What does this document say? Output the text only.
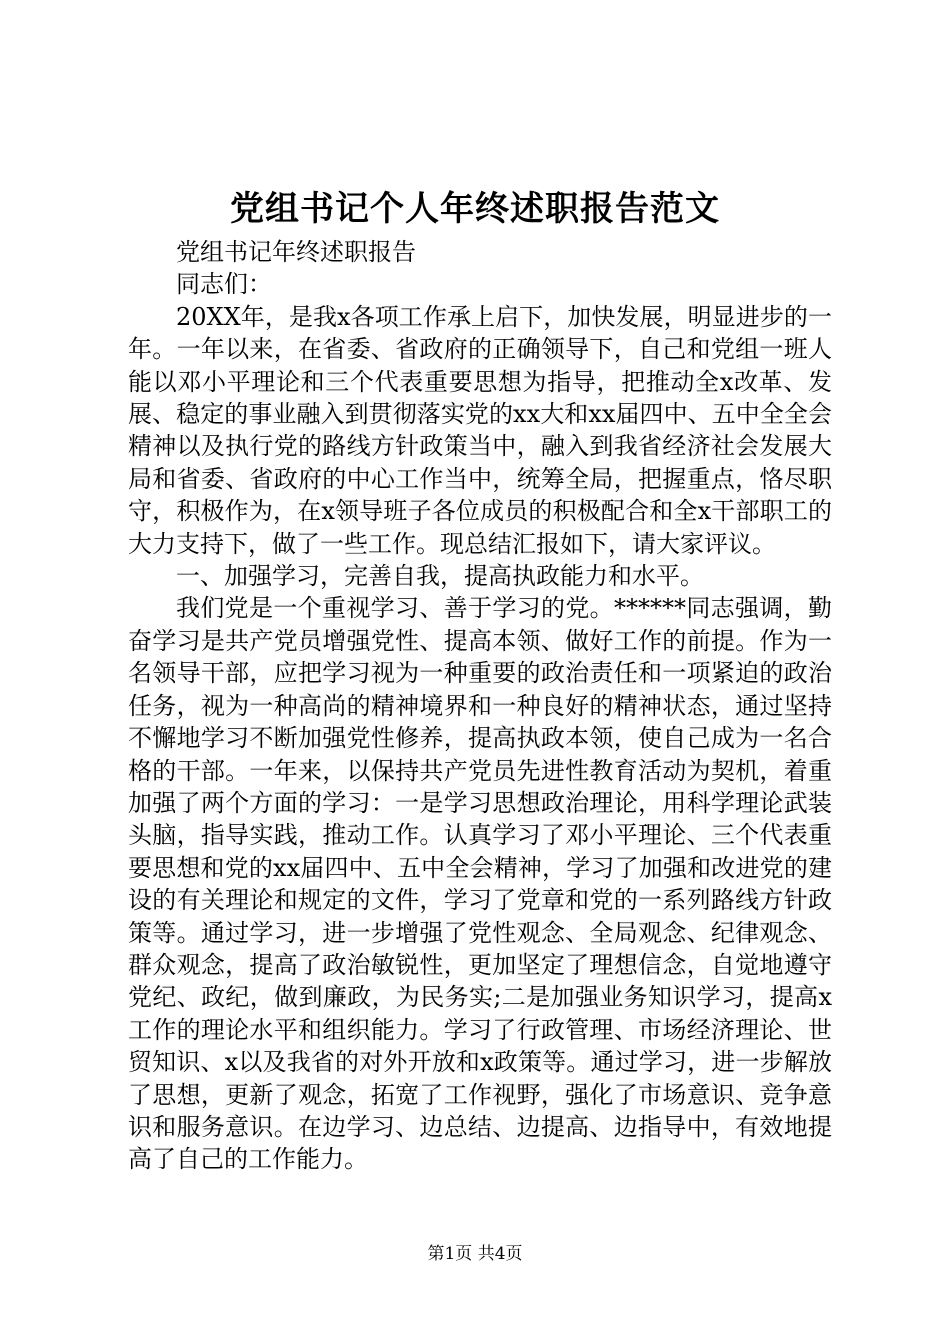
党组书记个人年终述职报告范文

党组书记年终述职报告

同志们：

20XX年，是我x各项工作承上启下，加快发展，明显进步的一年。一年以来，在省委、省政府的正确领导下，自己和党组一班人能以邓小平理论和三个代表重要思想为指导，把推动全x改革、发展、稳定的事业融入到贯彻落实党的xx大和xx届四中、五中全全会精神以及执行党的路线方针政策当中，融入到我省经济社会发展大局和省委、省政府的中心工作当中，统筹全局，把握重点，恪尽职守，积极作为，在x领导班子各位成员的积极配合和全x干部职工的大力支持下，做了一些工作。现总结汇报如下，请大家评议。

一、加强学习，完善自我，提高执政能力和水平。

我们党是一个重视学习、善于学习的党。******同志强调，勤奋学习是共产党员增强党性、提高本领、做好工作的前提。作为一名领导干部，应把学习视为一种重要的政治责任和一项紧迫的政治任务，视为一种高尚的精神境界和一种良好的精神状态，通过坚持不懈地学习不断加强党性修养，提高执政本领，使自己成为一名合格的干部。一年来，以保持共产党员先进性教育活动为契机，着重加强了两个方面的学习：一是学习思想政治理论，用科学理论武装头脑，指导实践，推动工作。认真学习了邓小平理论、三个代表重要思想和党的xx届四中、五中全会精神，学习了加强和改进党的建设的有关理论和规定的文件，学习了党章和党的一系列路线方针政策等。通过学习，进一步增强了党性观念、全局观念、纪律观念、群众观念，提高了政治敏锐性，更加坚定了理想信念，自觉地遵守党纪、政纪，做到廉政，为民务实;二是加强业务知识学习，提高x工作的理论水平和组织能力。学习了行政管理、市场经济理论、世贸知识、x以及我省的对外开放和x政策等。通过学习，进一步解放了思想，更新了观念，拓宽了工作视野，强化了市场意识、竞争意识和服务意识。在边学习、边总结、边提高、边指导中，有效地提高了自己的工作能力。

第1页 共4页
